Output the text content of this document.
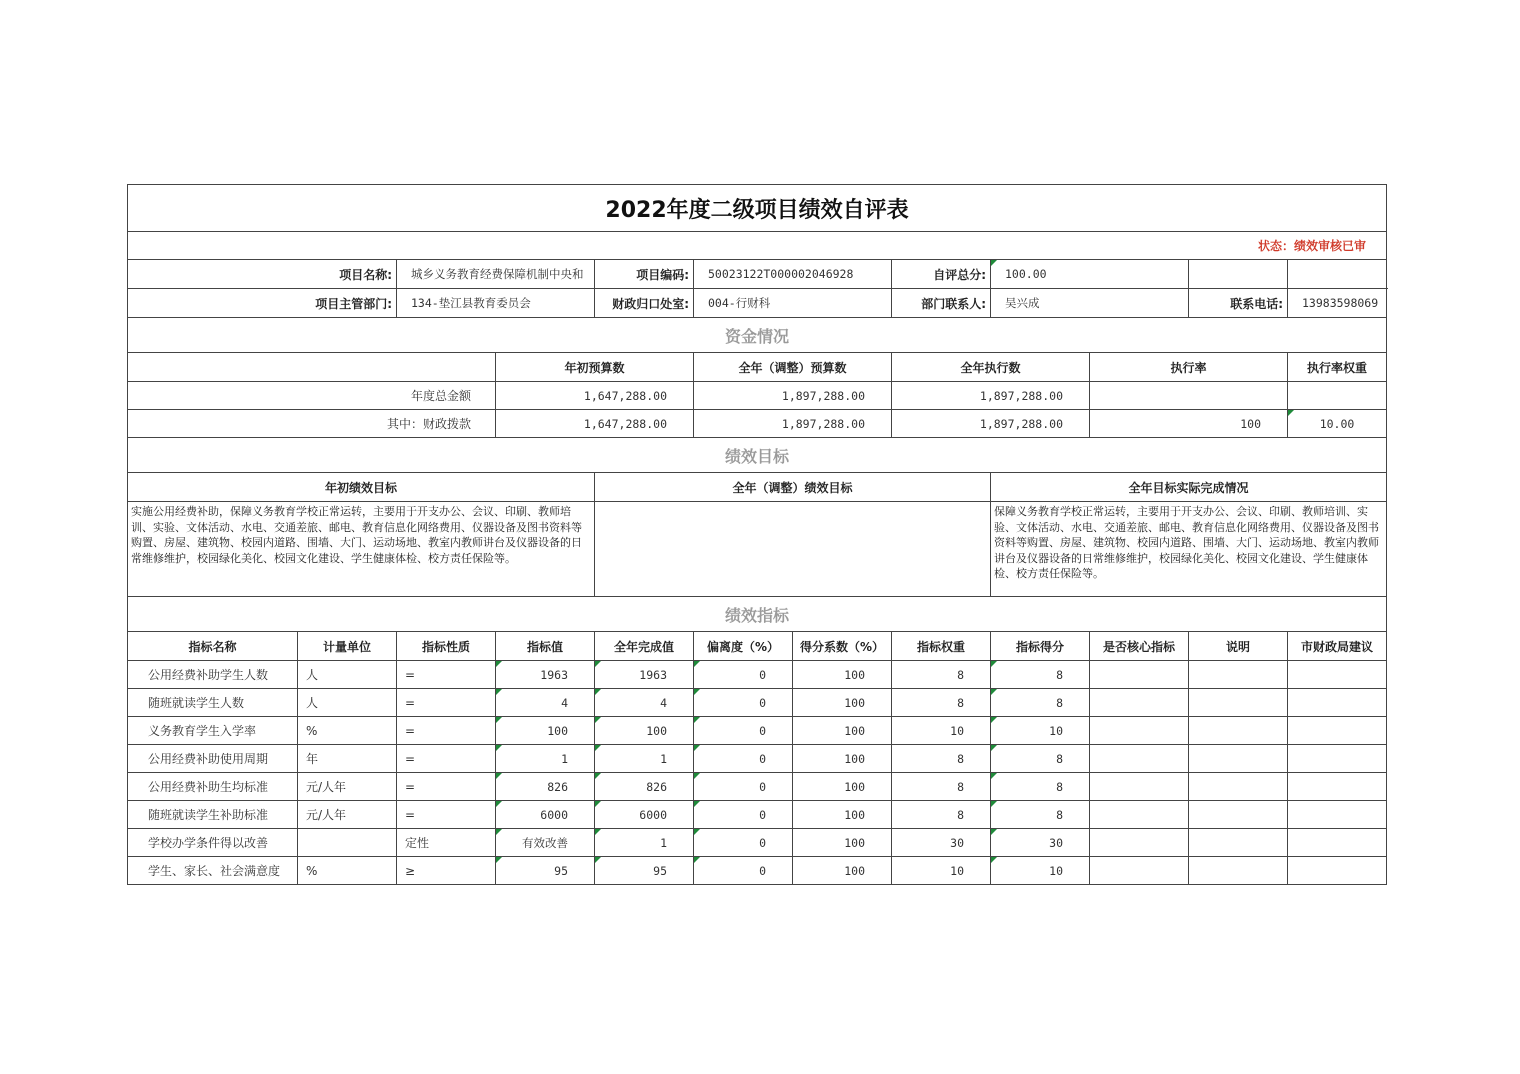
2022年度二级项目绩效自评表												
状态：绩效审核已审												
项目名称:		城乡义务教育经费保障机制中央和		项目编码:	50023122T000002046928		自评总分:	100.00				
项目主管部门:		134-垫江县教育委员会		财政归口处室:	004-行财科		部门联系人:	吴兴成		联系电话:	13983598069	
资金情况												
			年初预算数		全年（调整）预算数		全年执行数		执行率		执行率权重	
年度总金额			1,647,288.00		1,897,288.00		1,897,288.00					
其中：财政拨款			1,647,288.00		1,897,288.00		1,897,288.00		100		10.00	
绩效目标												
年初绩效目标				全年（调整）绩效目标				全年目标实际完成情况				
实施公用经费补助，保障义务教育学校正常运转，主要用于开支办公、会议、印刷、教师培训、实验、文体活动、水电、交通差旅、邮电、教育信息化网络费用、仪器设备及图书资料等购置、房屋、建筑物、校园内道路、围墙、大门、运动场地、教室内教师讲台及仪器设备的日常维修维护，校园绿化美化、校园文化建设、学生健康体检、校方责任保险等。								保障义务教育学校正常运转，主要用于开支办公、会议、印刷、教师培训、实验、文体活动、水电、交通差旅、邮电、教育信息化网络费用、仪器设备及图书资料等购置、房屋、建筑物、校园内道路、围墙、大门、运动场地、教室内教师讲台及仪器设备的日常维修维护，校园绿化美化、校园文化建设、学生健康体检、校方责任保险等。				
绩效指标												
指标名称	计量单位	指标性质	指标值	全年完成值	偏离度（%）	得分系数（%）	指标权重	指标得分	是否核心指标	说明	市财政局建议	
公用经费补助学生人数	人	=	1963	1963	0	100	8	8				
随班就读学生人数	人	=	4	4	0	100	8	8				
义务教育学生入学率	%	=	100	100	0	100	10	10				
公用经费补助使用周期	年	=	1	1	0	100	8	8				
公用经费补助生均标准	元/人年	=	826	826	0	100	8	8				
随班就读学生补助标准	元/人年	=	6000	6000	0	100	8	8				
学校办学条件得以改善		定性	有效改善	1	0	100	30	30				
学生、家长、社会满意度	%	≥	95	95	0	100	10	10				
